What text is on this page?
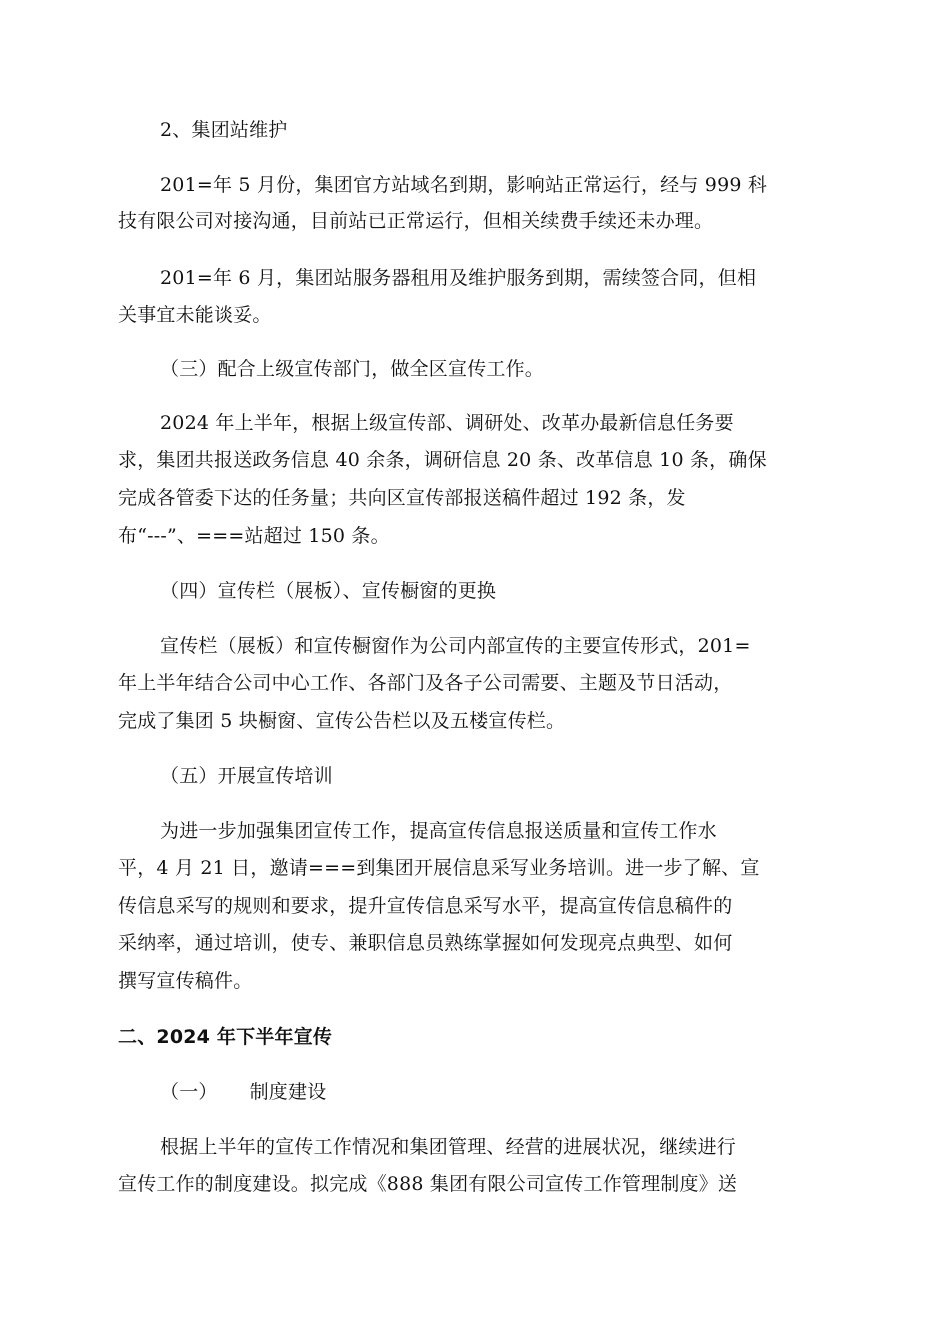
2、集团站维护
201=年 5 月份，集团官方站域名到期，影响站正常运行，经与 999 科
技有限公司对接沟通，目前站已正常运行，但相关续费手续还未办理。
201=年 6 月，集团站服务器租用及维护服务到期，需续签合同，但相
关事宜未能谈妥。
（三）配合上级宣传部门，做全区宣传工作。
2024 年上半年，根据上级宣传部、调研处、改革办最新信息任务要
求，集团共报送政务信息 40 余条，调研信息 20 条、改革信息 10 条，确保
完成各管委下达的任务量；共向区宣传部报送稿件超过 192 条，发
布“---”、===站超过 150 条。
（四）宣传栏（展板）、宣传橱窗的更换
宣传栏（展板）和宣传橱窗作为公司内部宣传的主要宣传形式，201=
年上半年结合公司中心工作、各部门及各子公司需要、主题及节日活动，
完成了集团 5 块橱窗、宣传公告栏以及五楼宣传栏。
（五）开展宣传培训
为进一步加强集团宣传工作，提高宣传信息报送质量和宣传工作水
平，4 月 21 日，邀请===到集团开展信息采写业务培训。进一步了解、宣
传信息采写的规则和要求，提升宣传信息采写水平，提高宣传信息稿件的
采纳率，通过培训，使专、兼职信息员熟练掌握如何发现亮点典型、如何
撰写宣传稿件。
二、2024 年下半年宣传
（一） 制度建设
根据上半年的宣传工作情况和集团管理、经营的进展状况，继续进行
宣传工作的制度建设。拟完成《888 集团有限公司宣传工作管理制度》送
